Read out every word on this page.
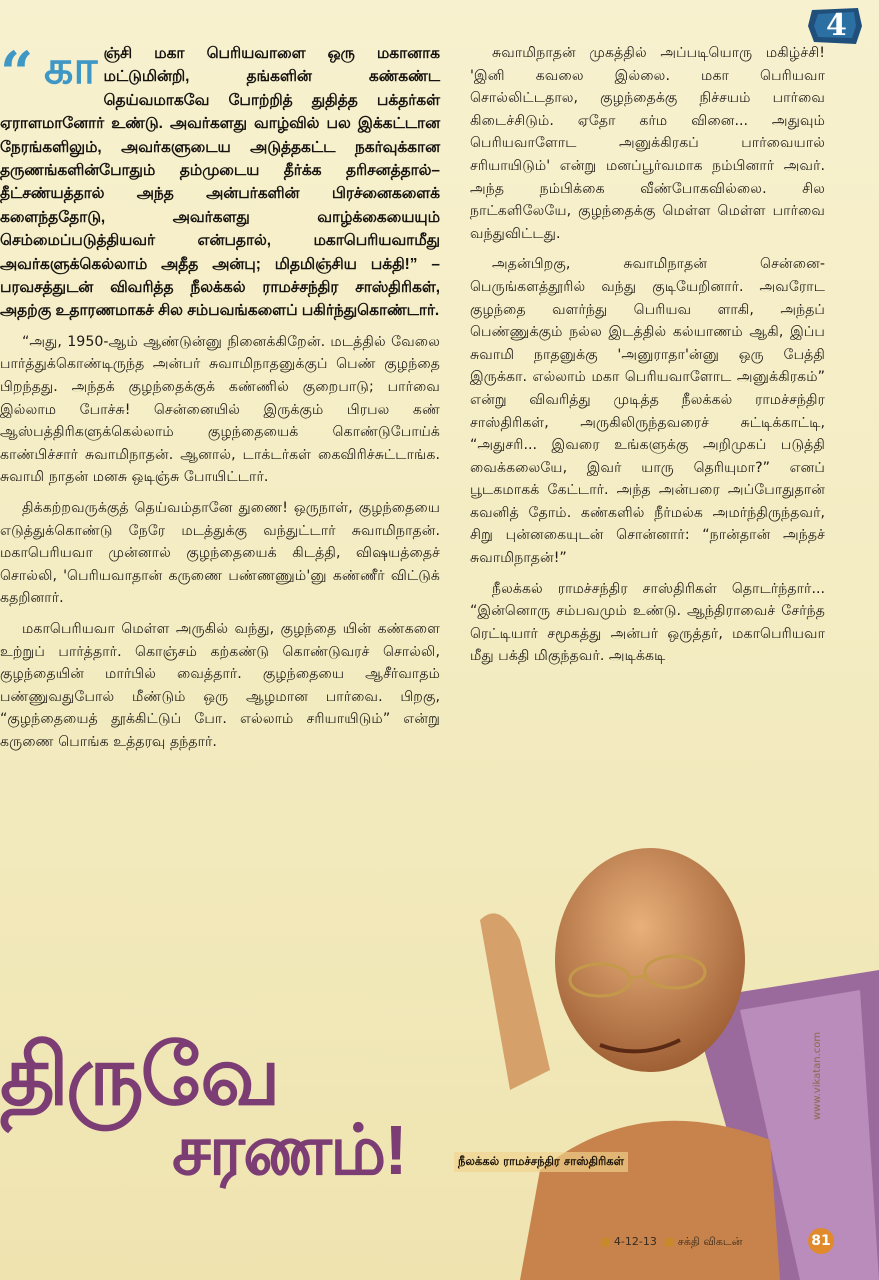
4
“ காஞ்சி மகா பெரியவாளை ஒரு மகானாக மட்டுமின்றி, தங்களின் கண்கண்ட தெய்வமாகவே போற்றித் துதித்த பக்தர்கள் ஏராளமானோர் உண்டு. அவர்களது வாழ்வில் பல இக்கட்டான நேரங்களிலும், அவர்களுடைய அடுத்தகட்ட நகர்வுக்கான தருணங்களின்போதும் தம்முடைய தீர்க்க தரிசனத்தால்– தீட்சண்யத்தால் அந்த அன்பர்களின் பிரச்னைகளைக் களைந்ததோடு, அவர்களது வாழ்க்கையையும் செம்மைப்படுத்தியவர் என்பதால், மகாபெரியவாமீது அவர்களுக்கெல்லாம் அதீத அன்பு; மிதமிஞ்சிய பக்தி!” – பரவசத்துடன் விவரித்த நீலக்கல் ராமச்சந்திர சாஸ்திரிகள், அதற்கு உதாரணமாகச் சில சம்பவங்களைப் பகிர்ந்துகொண்டார்.

“அது, 1950-ஆம் ஆண்டுன்னு நினைக்கிறேன். மடத்தில் வேலை பார்த்துக்கொண்டிருந்த அன்பர் சுவாமிநாதனுக்குப் பெண் குழந்தை பிறந்தது. அந்தக் குழந்தைக்குக் கண்ணில் குறைபாடு; பார்வை இல்லாம போச்சு! சென்னையில் இருக்கும் பிரபல கண் ஆஸ்பத்திரிகளுக்கெல்லாம் குழந்தையைக் கொண்டுபோய்க் காண்பிச்சார் சுவாமிநாதன். ஆனால், டாக்டர்கள் கைவிரிச்சுட்டாங்க. சுவாமி நாதன் மனசு ஒடிஞ்சு போயிட்டார்.

திக்கற்றவருக்குத் தெய்வம்தானே துணை! ஒருநாள், குழந்தையை எடுத்துக்கொண்டு நேரே மடத்துக்கு வந்துட்டார் சுவாமிநாதன். மகாபெரியவா முன்னால் குழந்தையைக் கிடத்தி, விஷயத்தைச் சொல்லி, 'பெரியவாதான் கருணை பண்ணணும்'னு கண்ணீர் விட்டுக் கதறினார்.

மகாபெரியவா மெள்ள அருகில் வந்து, குழந்தை யின் கண்களை உற்றுப் பார்த்தார். கொஞ்சம் கற்கண்டு கொண்டுவரச் சொல்லி, குழந்தையின் மார்பில் வைத்தார். குழந்தையை ஆசீர்வாதம் பண்ணுவதுபோல் மீண்டும் ஒரு ஆழமான பார்வை. பிறகு, “குழந்தையைத் தூக்கிட்டுப் போ. எல்லாம் சரியாயிடும்” என்று கருணை பொங்க உத்தரவு தந்தார்.

சுவாமிநாதன் முகத்தில் அப்படியொரு மகிழ்ச்சி! 'இனி கவலை இல்லை. மகா பெரியவா சொல்லிட்டதால, குழந்தைக்கு நிச்சயம் பார்வை கிடைச்சிடும். ஏதோ கர்ம வினை... அதுவும் பெரியவாளோட அனுக்கிரகப் பார்வையால் சரியாயிடும்' என்று மனப்பூர்வமாக நம்பினார் அவர். அந்த நம்பிக்கை வீண்போகவில்லை. சில நாட்களிலேயே, குழந்தைக்கு மெள்ள மெள்ள பார்வை வந்துவிட்டது.

அதன்பிறகு, சுவாமிநாதன் சென்னை-பெருங்களத்தூரில் வந்து குடியேறினார். அவரோட குழந்தை வளர்ந்து பெரியவ ளாகி, அந்தப் பெண்ணுக்கும் நல்ல இடத்தில் கல்யாணம் ஆகி, இப்ப சுவாமி நாதனுக்கு 'அனுராதா'ன்னு ஒரு பேத்தி இருக்கா. எல்லாம் மகா பெரியவாளோட அனுக்கிரகம்” என்று விவரித்து முடித்த நீலக்கல் ராமச்சந்திர சாஸ்திரிகள், அருகிலிருந்தவரைச் சுட்டிக்காட்டி, “அதுசரி... இவரை உங்களுக்கு அறிமுகப் படுத்தி வைக்கலையே, இவர் யாரு தெரியுமா?” எனப் பூடகமாகக் கேட்டார். அந்த அன்பரை அப்போதுதான் கவனித் தோம். கண்களில் நீர்மல்க அமர்ந்திருந்தவர், சிறு புன்னகையுடன் சொன்னார்: “நான்தான் அந்தச் சுவாமிநாதன்!”

நீலக்கல் ராமச்சந்திர சாஸ்திரிகள் தொடர்ந்தார்... “இன்னொரு சம்பவமும் உண்டு. ஆந்திராவைச் சேர்ந்த ரெட்டியார் சமூகத்து அன்பர் ஒருத்தர், மகாபெரியவா மீது பக்தி மிகுந்தவர். அடிக்கடி

நீலக்கல் ராமச்சந்திர சாஸ்திரிகள்
www.vikatan.com
திருவே
சரணம்!
■ 4-12-13 ■ சக்தி விகடன்	81
